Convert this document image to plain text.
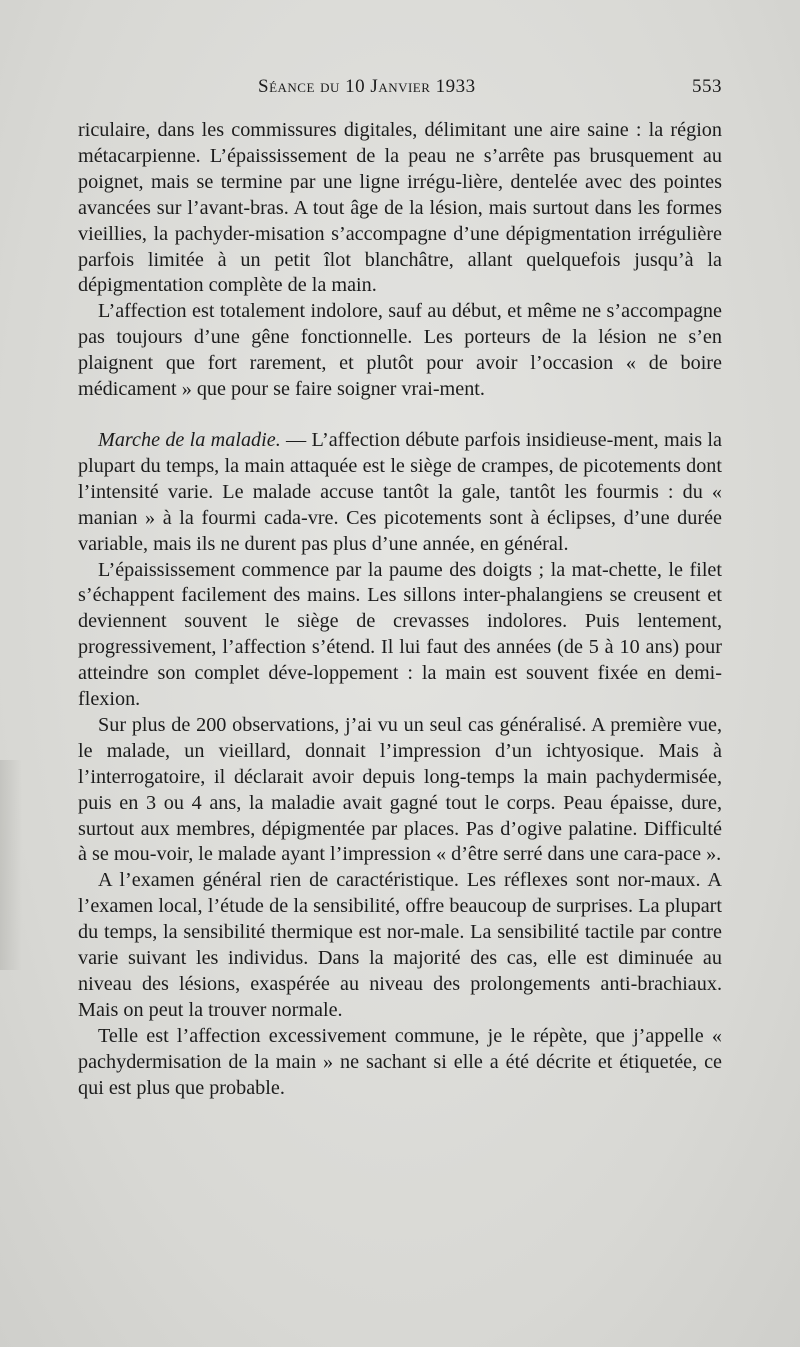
Séance du 10 Janvier 1933	553

riculaire, dans les commissures digitales, délimitant une aire saine : la région métacarpienne. L’épaississement de la peau ne s’arrête pas brusquement au poignet, mais se termine par une ligne irrégu-lière, dentelée avec des pointes avancées sur l’avant-bras. A tout âge de la lésion, mais surtout dans les formes vieillies, la pachyder-misation s’accompagne d’une dépigmentation irrégulière parfois limitée à un petit îlot blanchâtre, allant quelquefois jusqu’à la dépigmentation complète de la main.

L’affection est totalement indolore, sauf au début, et même ne s’accompagne pas toujours d’une gêne fonctionnelle. Les porteurs de la lésion ne s’en plaignent que fort rarement, et plutôt pour avoir l’occasion « de boire médicament » que pour se faire soigner vrai-ment.

Marche de la maladie. — L’affection débute parfois insidieuse-ment, mais la plupart du temps, la main attaquée est le siège de crampes, de picotements dont l’intensité varie. Le malade accuse tantôt la gale, tantôt les fourmis : du « manian » à la fourmi cada-vre. Ces picotements sont à éclipses, d’une durée variable, mais ils ne durent pas plus d’une année, en général.

L’épaississement commence par la paume des doigts ; la mat-chette, le filet s’échappent facilement des mains. Les sillons inter-phalangiens se creusent et deviennent souvent le siège de crevasses indolores. Puis lentement, progressivement, l’affection s’étend. Il lui faut des années (de 5 à 10 ans) pour atteindre son complet déve-loppement : la main est souvent fixée en demi-flexion.

Sur plus de 200 observations, j’ai vu un seul cas généralisé. A première vue, le malade, un vieillard, donnait l’impression d’un ichtyosique. Mais à l’interrogatoire, il déclarait avoir depuis long-temps la main pachydermisée, puis en 3 ou 4 ans, la maladie avait gagné tout le corps. Peau épaisse, dure, surtout aux membres, dépigmentée par places. Pas d’ogive palatine. Difficulté à se mou-voir, le malade ayant l’impression « d’être serré dans une cara-pace ».

A l’examen général rien de caractéristique. Les réflexes sont nor-maux. A l’examen local, l’étude de la sensibilité, offre beaucoup de surprises. La plupart du temps, la sensibilité thermique est nor-male. La sensibilité tactile par contre varie suivant les individus. Dans la majorité des cas, elle est diminuée au niveau des lésions, exaspérée au niveau des prolongements anti-brachiaux. Mais on peut la trouver normale.

Telle est l’affection excessivement commune, je le répète, que j’appelle « pachydermisation de la main » ne sachant si elle a été décrite et étiquetée, ce qui est plus que probable.
